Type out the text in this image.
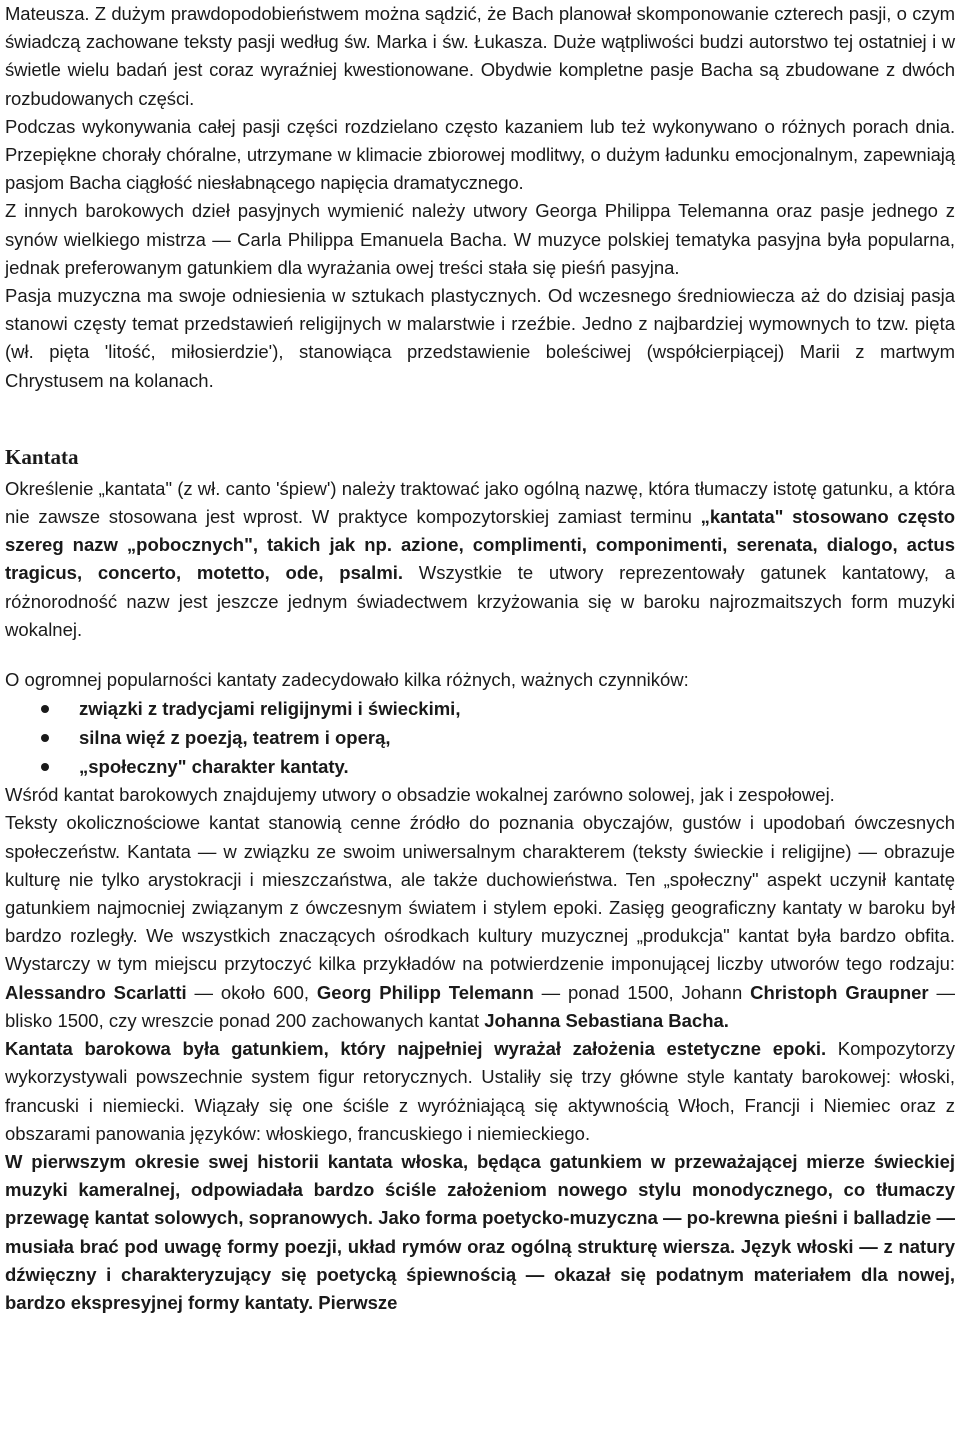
Mateusza. Z dużym prawdopodobieństwem można sądzić, że Bach planował skomponowanie czterech pasji, o czym świadczą zachowane teksty pasji według św. Marka i św. Łukasza. Duże wątpliwości budzi autorstwo tej ostatniej i w świetle wielu badań jest coraz wyraźniej kwestionowane. Obydwie kompletne pasje Bacha są zbudowane z dwóch rozbudowanych części.

Podczas wykonywania całej pasji części rozdzielano często kazaniem lub też wykonywano o różnych porach dnia. Przepiękne chorały chóralne, utrzymane w klimacie zbiorowej modlitwy, o dużym ładunku emocjonalnym, zapewniają pasjom Bacha ciągłość niesłabnącego napięcia dramatycznego.

Z innych barokowych dzieł pasyjnych wymienić należy utwory Georga Philippa Telemanna oraz pasje jednego z synów wielkiego mistrza — Carla Philippa Emanuela Bacha. W muzyce polskiej tematyka pasyjna była popularna, jednak preferowanym gatunkiem dla wyrażania owej treści stała się pieśń pasyjna.

Pasja muzyczna ma swoje odniesienia w sztukach plastycznych. Od wczesnego średniowiecza aż do dzisiaj pasja stanowi częsty temat przedstawień religijnych w malarstwie i rzeźbie. Jedno z najbardziej wymownych to tzw. pięta (wł. pięta 'litość, miłosierdzie'), stanowiąca przedstawienie boleściwej (współcierpiącej) Marii z martwym Chrystusem na kolanach.

Kantata

Określenie „kantata" (z wł. canto 'śpiew') należy traktować jako ogólną nazwę, która tłumaczy istotę gatunku, a która nie zawsze stosowana jest wprost. W praktyce kompozytorskiej zamiast terminu „kantata" stosowano często szereg nazw „pobocznych", takich jak np. azione, complimenti, componimenti, serenata, dialogo, actus tragicus, concerto, motetto, ode, psalmi. Wszystkie te utwory reprezentowały gatunek kantatowy, a różnorodność nazw jest jeszcze jednym świadectwem krzyżowania się w baroku najrozmaitszych form muzyki wokalnej.

O ogromnej popularności kantaty zadecydowało kilka różnych, ważnych czynników:

związki z tradycjami religijnymi i świeckimi,
silna więź z poezją, teatrem i operą,
„społeczny" charakter kantaty.

Wśród kantat barokowych znajdujemy utwory o obsadzie wokalnej zarówno solowej, jak i zespołowej.

Teksty okolicznościowe kantat stanowią cenne źródło do poznania obyczajów, gustów i upodobań ówczesnych społeczeństw. Kantata — w związku ze swoim uniwersalnym charakterem (teksty świeckie i religijne) — obrazuje kulturę nie tylko arystokracji i mieszczaństwa, ale także duchowieństwa. Ten „społeczny" aspekt uczynił kantatę gatunkiem najmocniej związanym z ówczesnym światem i stylem epoki. Zasięg geograficzny kantaty w baroku był bardzo rozległy. We wszystkich znaczących ośrodkach kultury muzycznej „produkcja" kantat była bardzo obfita. Wystarczy w tym miejscu przytoczyć kilka przykładów na potwierdzenie imponującej liczby utworów tego rodzaju: Alessandro Scarlatti — około 600, Georg Philipp Telemann — ponad 1500, Johann Christoph Graupner — blisko 1500, czy wreszcie ponad 200 zachowanych kantat Johanna Sebastiana Bacha.

Kantata barokowa była gatunkiem, który najpełniej wyrażał założenia estetyczne epoki. Kompozytorzy wykorzystywali powszechnie system figur retorycznych. Ustaliły się trzy główne style kantaty barokowej: włoski, francuski i niemiecki. Wiązały się one ściśle z wyróżniającą się aktywnością Włoch, Francji i Niemiec oraz z obszarami panowania języków: włoskiego, francuskiego i niemieckiego.

W pierwszym okresie swej historii kantata włoska, będąca gatunkiem w przeważającej mierze świeckiej muzyki kameralnej, odpowiadała bardzo ściśle założeniom nowego stylu monodycznego, co tłumaczy przewagę kantat solowych, sopranowych. Jako forma poetycko-muzyczna — po-krewna pieśni i balladzie — musiała brać pod uwagę formy poezji, układ rymów oraz ogólną strukturę wiersza. Język włoski — z natury dźwięczny i charakteryzujący się poetycką śpiewnością — okazał się podatnym materiałem dla nowej, bardzo ekspresyjnej formy kantaty. Pierwsze
